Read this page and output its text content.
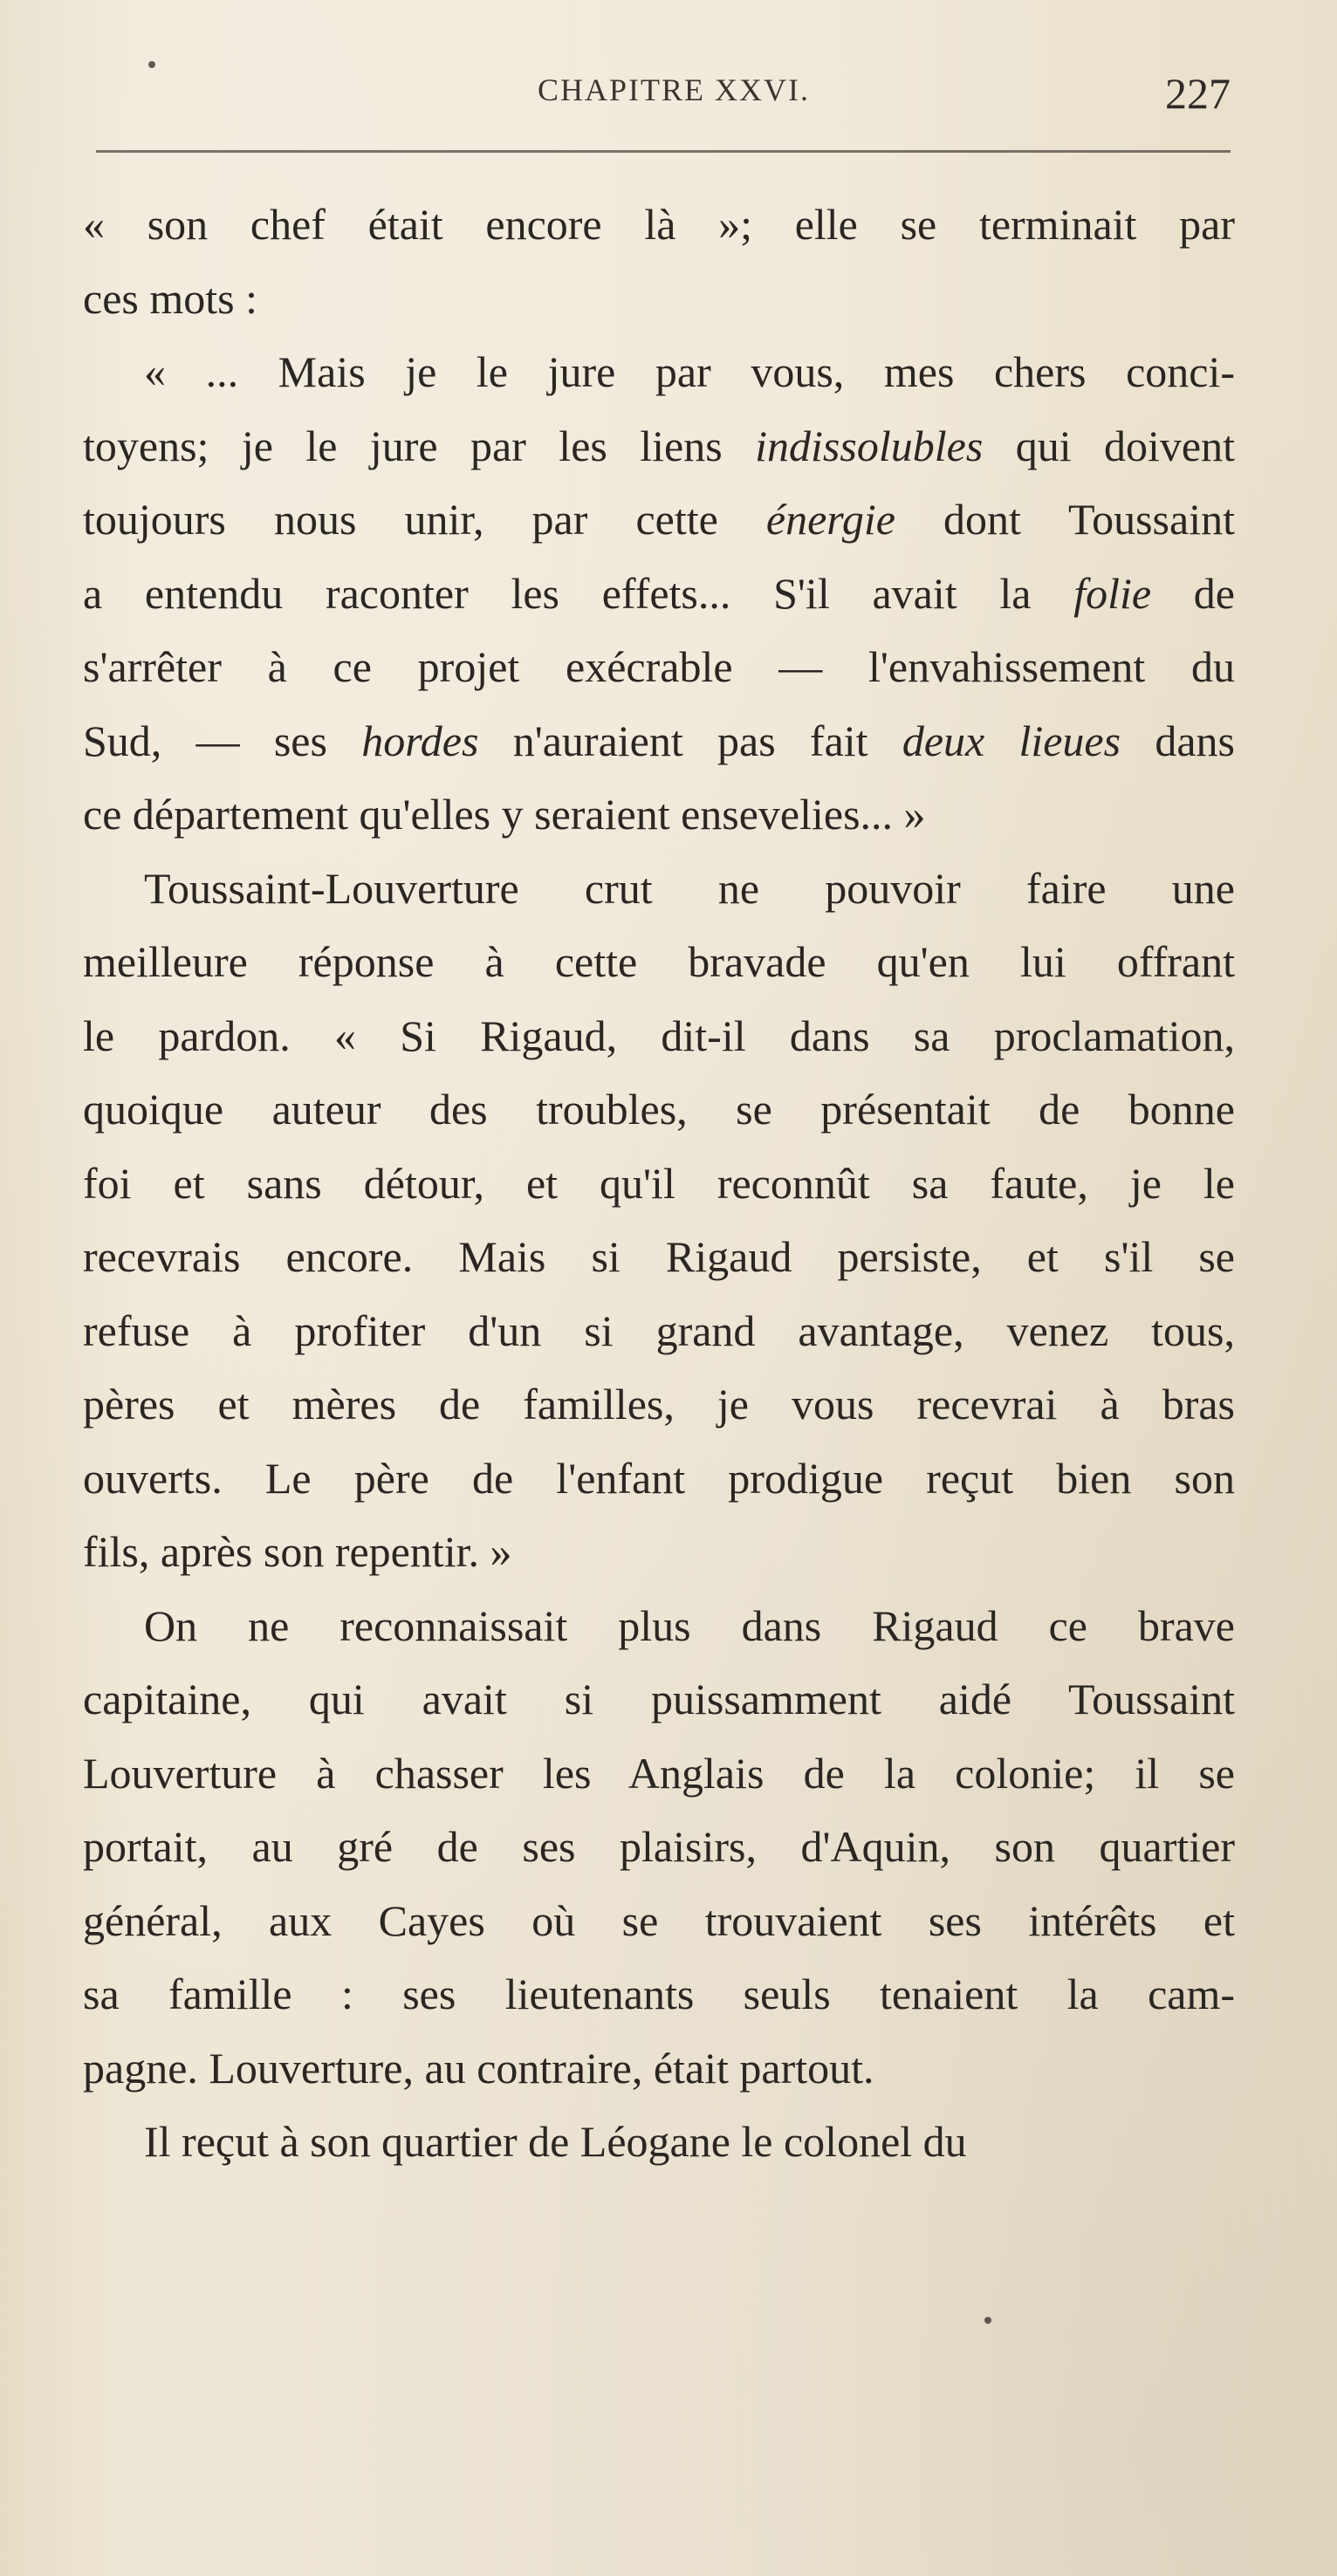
CHAPITRE XXVI.	227
« son chef était encore là »; elle se terminait par
ces mots :
« ... Mais je le jure par vous, mes chers conci-
toyens; je le jure par les liens indissolubles qui doivent
toujours nous unir, par cette énergie dont Toussaint
a entendu raconter les effets... S'il avait la folie de
s'arrêter à ce projet exécrable — l'envahissement du
Sud, — ses hordes n'auraient pas fait deux lieues dans
ce département qu'elles y seraient ensevelies... »
Toussaint-Louverture crut ne pouvoir faire une
meilleure réponse à cette bravade qu'en lui offrant
le pardon. « Si Rigaud, dit-il dans sa proclamation,
quoique auteur des troubles, se présentait de bonne
foi et sans détour, et qu'il reconnût sa faute, je le
recevrais encore. Mais si Rigaud persiste, et s'il se
refuse à profiter d'un si grand avantage, venez tous,
pères et mères de familles, je vous recevrai à bras
ouverts. Le père de l'enfant prodigue reçut bien son
fils, après son repentir. »
On ne reconnaissait plus dans Rigaud ce brave
capitaine, qui avait si puissamment aidé Toussaint
Louverture à chasser les Anglais de la colonie; il se
portait, au gré de ses plaisirs, d'Aquin, son quartier
général, aux Cayes où se trouvaient ses intérêts et
sa famille : ses lieutenants seuls tenaient la cam-
pagne. Louverture, au contraire, était partout.
Il reçut à son quartier de Léogane le colonel du
